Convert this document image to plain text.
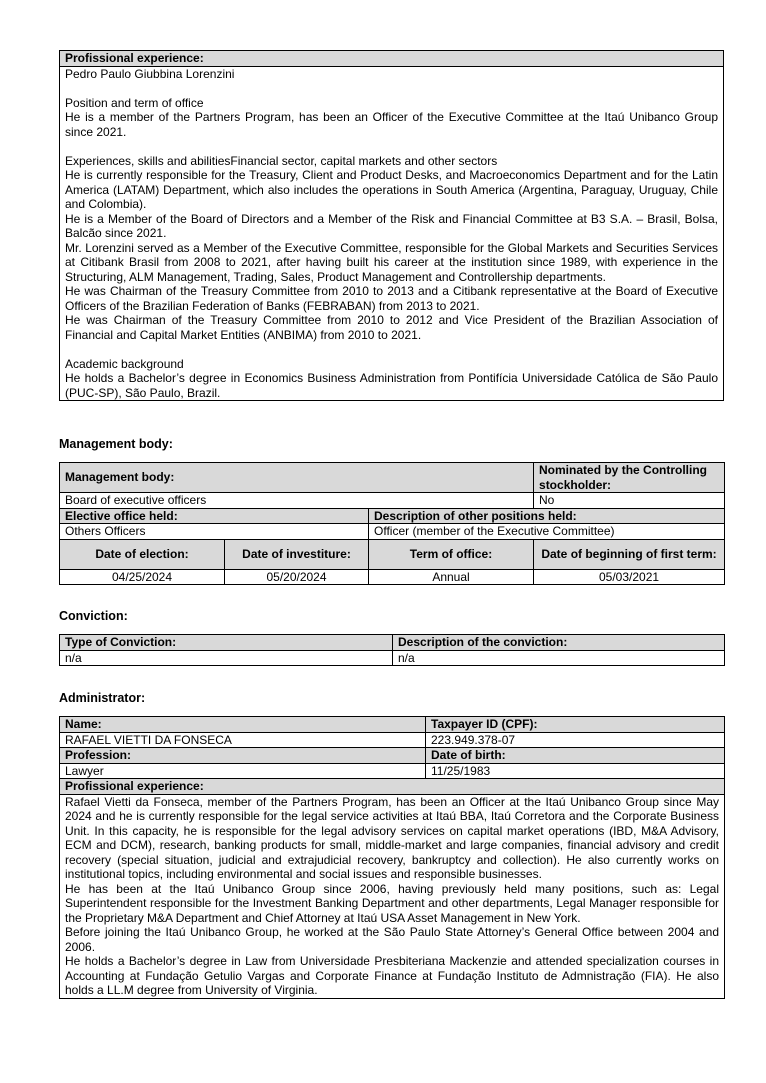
Profissional experience:

Pedro Paulo Giubbina Lorenzini
Position and term of office
He is a member of the Partners Program, has been an Officer of the Executive Committee at the Itaú Unibanco Group since 2021.
Experiences, skills and abilitiesFinancial sector, capital markets and other sectors
He is currently responsible for the Treasury, Client and Product Desks, and Macroeconomics Department and for the Latin America (LATAM) Department, which also includes the operations in South America (Argentina, Paraguay, Uruguay, Chile and Colombia).
He is a Member of the Board of Directors and a Member of the Risk and Financial Committee at B3 S.A. – Brasil, Bolsa, Balcão since 2021.
Mr. Lorenzini served as a Member of the Executive Committee, responsible for the Global Markets and Securities Services at Citibank Brasil from 2008 to 2021, after having built his career at the institution since 1989, with experience in the Structuring, ALM Management, Trading, Sales, Product Management and Controllership departments.
He was Chairman of the Treasury Committee from 2010 to 2013 and a Citibank representative at the Board of Executive Officers of the Brazilian Federation of Banks (FEBRABAN) from 2013 to 2021.
He was Chairman of the Treasury Committee from 2010 to 2012 and Vice President of the Brazilian Association of Financial and Capital Market Entities (ANBIMA) from 2010 to 2021.
Academic background
He holds a Bachelor’s degree in Economics Business Administration from Pontifícia Universidade Católica de São Paulo (PUC-SP), São Paulo, Brazil.
Management body:
Management body:			Nominated by the Controlling stockholder:
Board of executive officers			No
Elective office held:		Description of other positions held:	
Others Officers		Officer (member of the Executive Committee)	
Date of election:	Date of investiture:	Term of office:	Date of beginning of first term:
04/25/2024	05/20/2024	Annual	05/03/2021
Conviction:
Type of Conviction:	Description of the conviction:
n/a	n/a
Administrator:
Name:	Taxpayer ID (CPF):
RAFAEL VIETTI DA FONSECA	223.949.378-07
Profession:	Date of birth:
Lawyer	11/25/1983
Profissional experience:	

Rafael Vietti da Fonseca, member of the Partners Program, has been an Officer at the Itaú Unibanco Group since May 2024 and he is currently responsible for the legal service activities at Itaú BBA, Itaú Corretora and the Corporate Business Unit. In this capacity, he is responsible for the legal advisory services on capital market operations (IBD, M&A Advisory, ECM and DCM), research, banking products for small, middle-market and large companies, financial advisory and credit recovery (special situation, judicial and extrajudicial recovery, bankruptcy and collection). He also currently works on institutional topics, including environmental and social issues and responsible businesses.
He has been at the Itaú Unibanco Group since 2006, having previously held many positions, such as: Legal Superintendent responsible for the Investment Banking Department and other departments, Legal Manager responsible for the Proprietary M&A Department and Chief Attorney at Itaú USA Asset Management in New York.
Before joining the Itaú Unibanco Group, he worked at the São Paulo State Attorney’s General Office between 2004 and 2006.
He holds a Bachelor’s degree in Law from Universidade Presbiteriana Mackenzie and attended specialization courses in Accounting at Fundação Getulio Vargas and Corporate Finance at Fundação Instituto de Admnistração (FIA). He also holds a LL.M degree from University of Virginia.	
